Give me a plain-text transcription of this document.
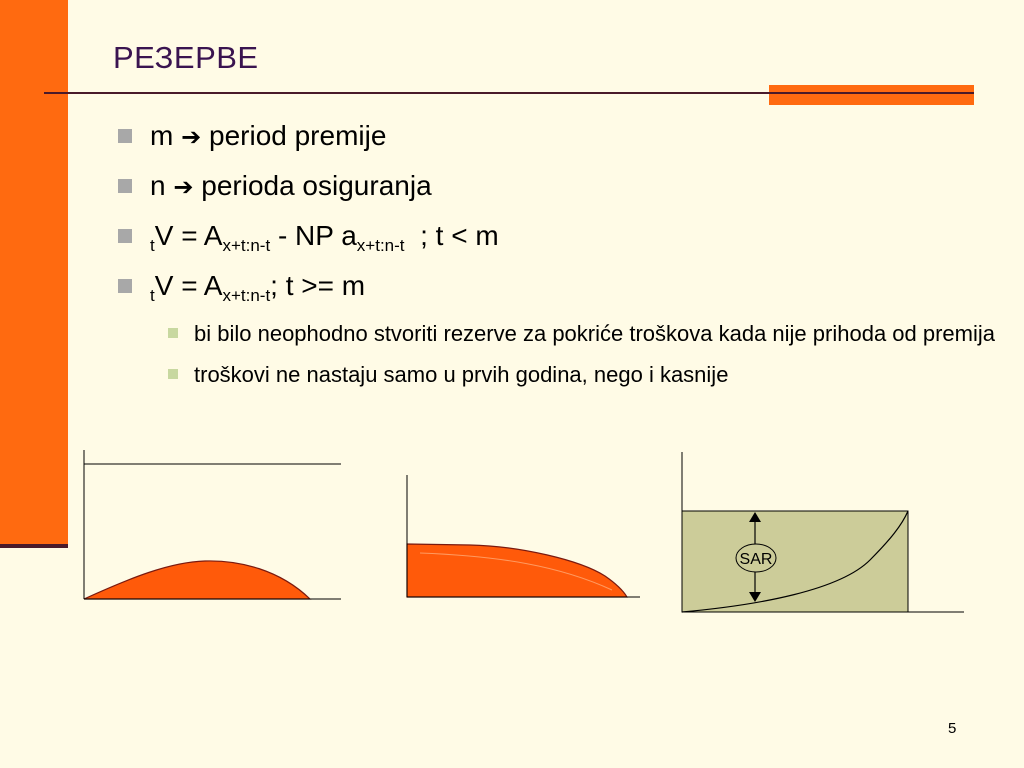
РЕЗЕРВЕ
m ➔ period premije
n ➔ perioda osiguranja
$_tV = A_{x+t:n-t}$ - NP $a_{x+t:n-t}$  ; t < m
$_tV = A_{x+t:n-t}$; t >= m
bi bilo neophodno stvoriti rezerve za pokriće troškova kada nije prihoda od premija
troškovi ne nastaju samo u prvih godina, nego i kasnije
SAR
5
